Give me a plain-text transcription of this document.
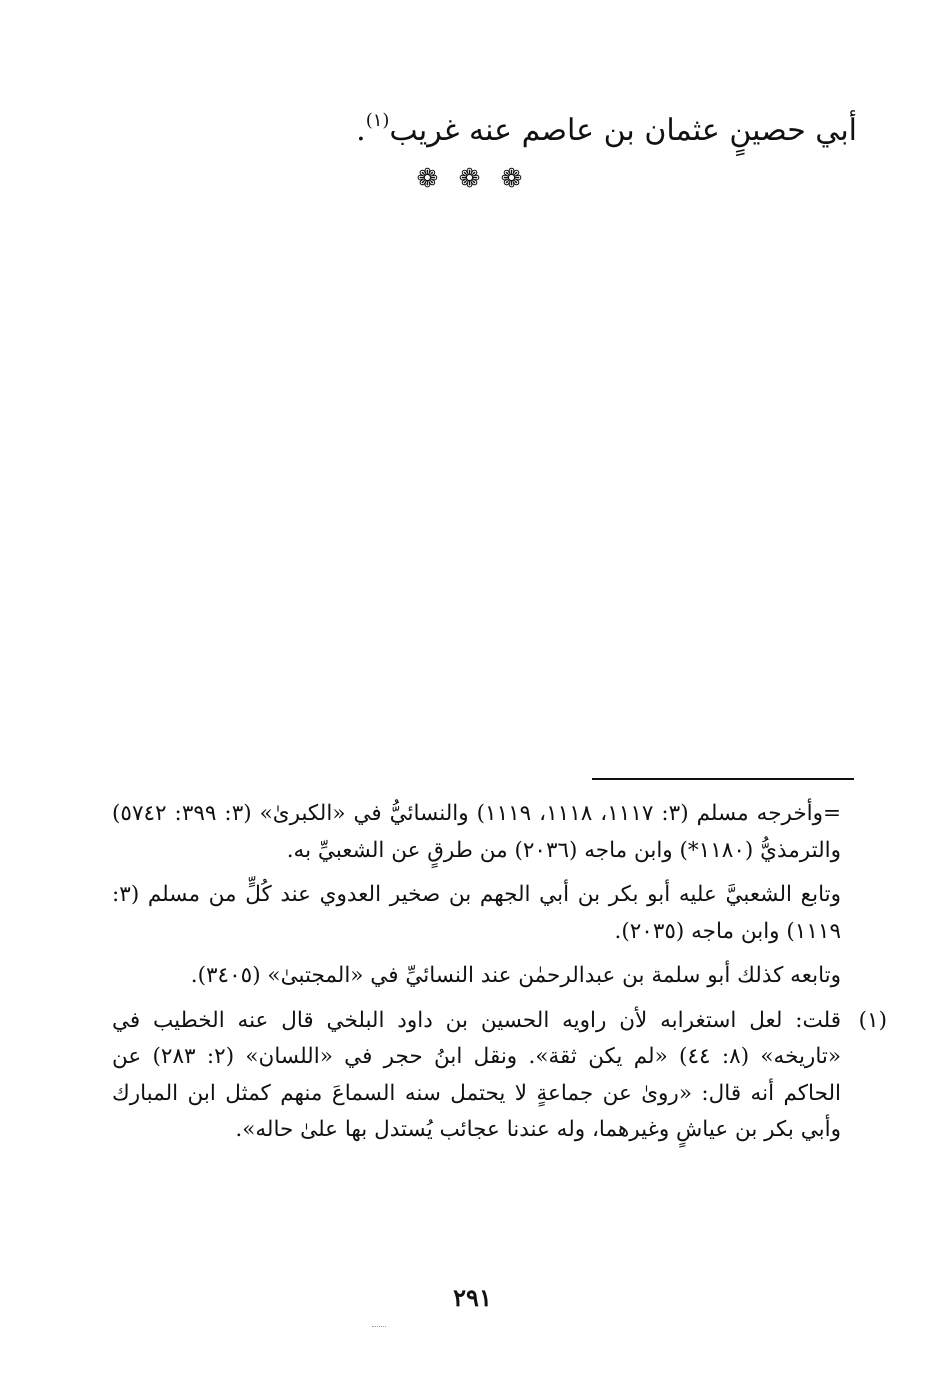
أبي حصينٍ عثمان بن عاصم عنه غريب$^{(١)}$.
❁ ❁ ❁

=وأخرجه مسلم (٣: ١١١٧، ١١١٨، ١١١٩) والنسائيُّ في «الكبرىٰ» (٣: ٣٩٩: ٥٧٤٢) والترمذيُّ (١١٨٠*) وابن ماجه (٢٠٣٦) من طرقٍ عن الشعبيِّ به.

وتابع الشعبيَّ عليه أبو بكر بن أبي الجهم بن صخير العدوي عند كُلٍّ من مسلم (٣: ١١١٩) وابن ماجه (٢٠٣٥).

وتابعه كذلك أبو سلمة بن عبدالرحمٰن عند النسائيِّ في «المجتبىٰ» (٣٤٠٥).

(١)
قلت: لعل استغرابه لأن راويه الحسين بن داود البلخي قال عنه الخطيب في «تاريخه» (٨: ٤٤) «لم يكن ثقة». ونقل ابنُ حجر في «اللسان» (٢: ٢٨٣) عن الحاكم أنه قال: «روىٰ عن جماعةٍ لا يحتمل سنه السماعَ منهم كمثل ابن المبارك وأبي بكر بن عياشٍ وغيرهما، وله عندنا عجائب يُستدل بها علىٰ حاله».
٢٩١
